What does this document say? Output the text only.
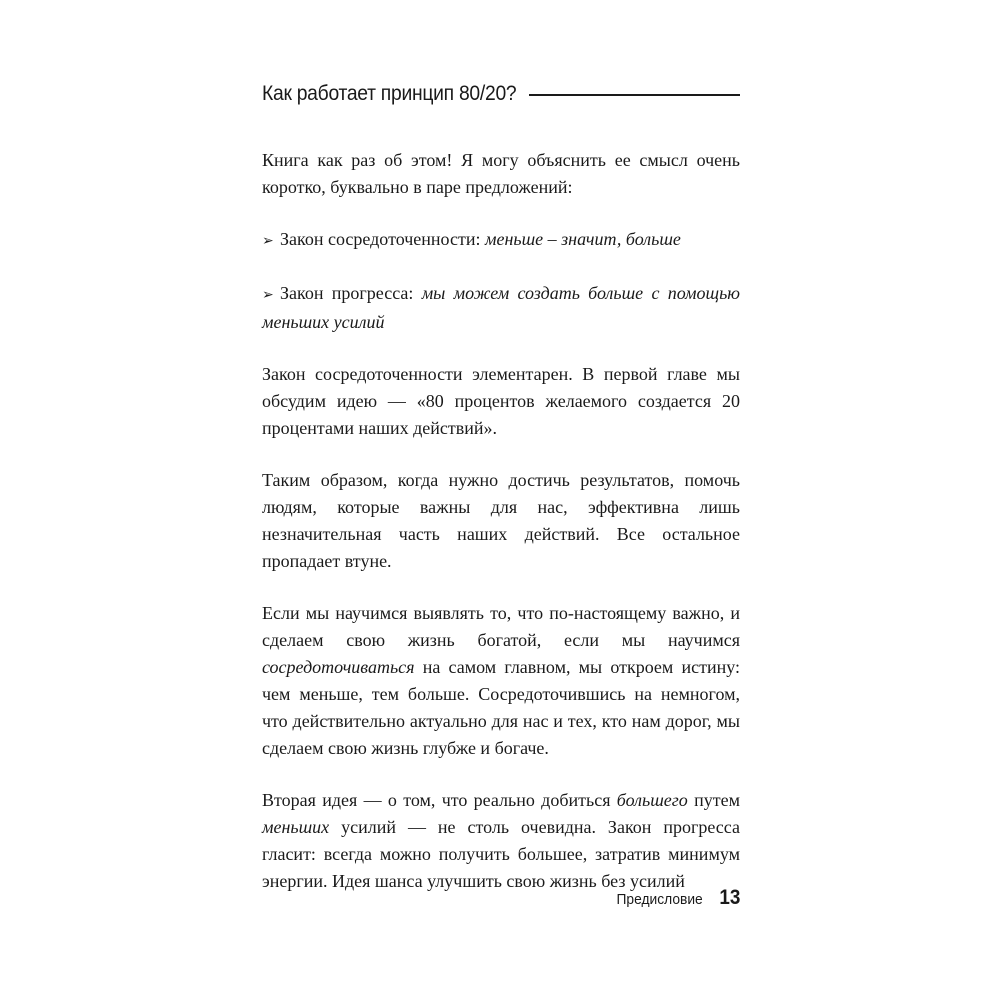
Как работает принцип 80/20?

Книга как раз об этом! Я могу объяснить ее смысл очень коротко, буквально в паре предложений:

➢ Закон сосредоточенности: меньше – значит, больше
➢ Закон прогресса: мы можем создать больше с помощью меньших усилий

Закон сосредоточенности элементарен. В первой главе мы обсудим идею — «80 процентов желаемого создается 20 процентами наших действий».

Таким образом, когда нужно достичь результатов, помочь людям, которые важны для нас, эффективна лишь незначительная часть наших действий. Все остальное пропадает втуне.

Если мы научимся выявлять то, что по-настоящему важно, и сделаем свою жизнь богатой, если мы научимся сосредоточиваться на самом главном, мы откроем истину: чем меньше, тем больше. Сосредоточившись на немногом, что действительно актуально для нас и тех, кто нам дорог, мы сделаем свою жизнь глубже и богаче.

Вторая идея — о том, что реально добиться большего путем меньших усилий — не столь очевидна. Закон прогресса гласит: всегда можно получить большее, затратив минимум энергии. Идея шанса улучшить свою жизнь без усилий

Предисловие 13
